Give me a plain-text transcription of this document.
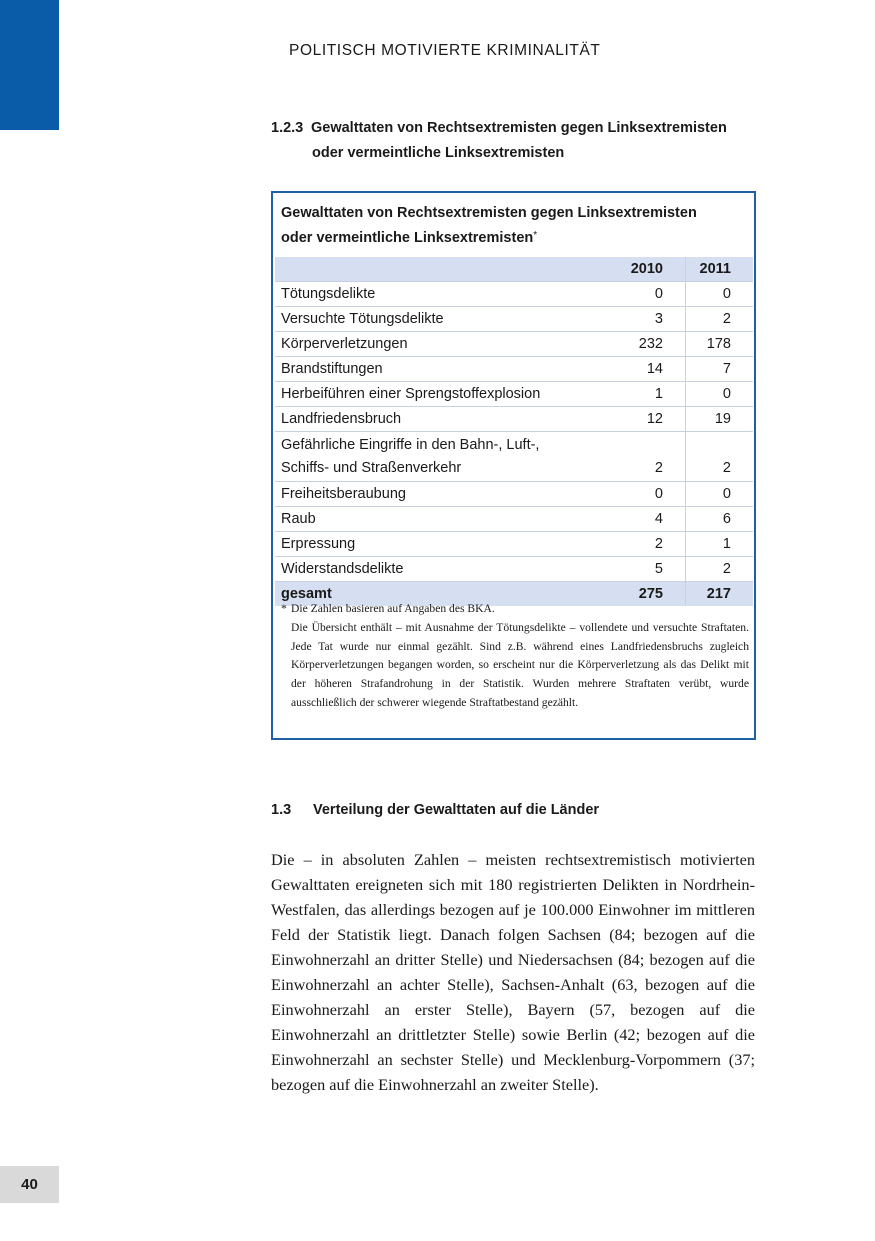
POLITISCH MOTIVIERTE KRIMINALITÄT
1.2.3 Gewalttaten von Rechtsextremisten gegen Linksextremisten
oder vermeintliche Linksextremisten
Gewalttaten von Rechtsextremisten gegen Linksextremisten
oder vermeintliche Linksextremisten*
	2010	2011
Tötungsdelikte	0	0
Versuchte Tötungsdelikte	3	2
Körperverletzungen	232	178
Brandstiftungen	14	7
Herbeiführen einer Sprengstoffexplosion	1	0
Landfriedensbruch	12	19
Gefährliche Eingriffe in den Bahn-, Luft-,
Schiffs- und Straßenverkehr	2	2
Freiheitsberaubung	0	0
Raub	4	6
Erpressung	2	1
Widerstandsdelikte	5	2
gesamt	275	217
* Die Zahlen basieren auf Angaben des BKA.
Die Übersicht enthält – mit Ausnahme der Tötungsdelikte – vollendete und versuchte Straftaten. Jede Tat wurde nur einmal gezählt. Sind z.B. während eines Landfriedensbruchs zugleich Körperverletzungen begangen worden, so erscheint nur die Körperverletzung als das Delikt mit der höheren Strafandrohung in der Statistik. Wurden mehrere Straftaten verübt, wurde ausschließlich der schwerer wiegende Straftatbestand gezählt.
1.3 Verteilung der Gewalttaten auf die Länder
Die – in absoluten Zahlen – meisten rechtsextremistisch motivierten Gewalttaten ereigneten sich mit 180 registrierten Delikten in Nordrhein-Westfalen, das allerdings bezogen auf je 100.000 Einwohner im mittleren Feld der Statistik liegt. Danach folgen Sachsen (84; bezogen auf die Einwohnerzahl an dritter Stelle) und Niedersachsen (84; bezogen auf die Einwohnerzahl an achter Stelle), Sachsen-Anhalt (63, bezogen auf die Einwohnerzahl an erster Stelle), Bayern (57, bezogen auf die Einwohnerzahl an drittletzter Stelle) sowie Berlin (42; bezogen auf die Einwohnerzahl an sechster Stelle) und Mecklenburg-Vorpommern (37; bezogen auf die Einwohnerzahl an zweiter Stelle).
40
